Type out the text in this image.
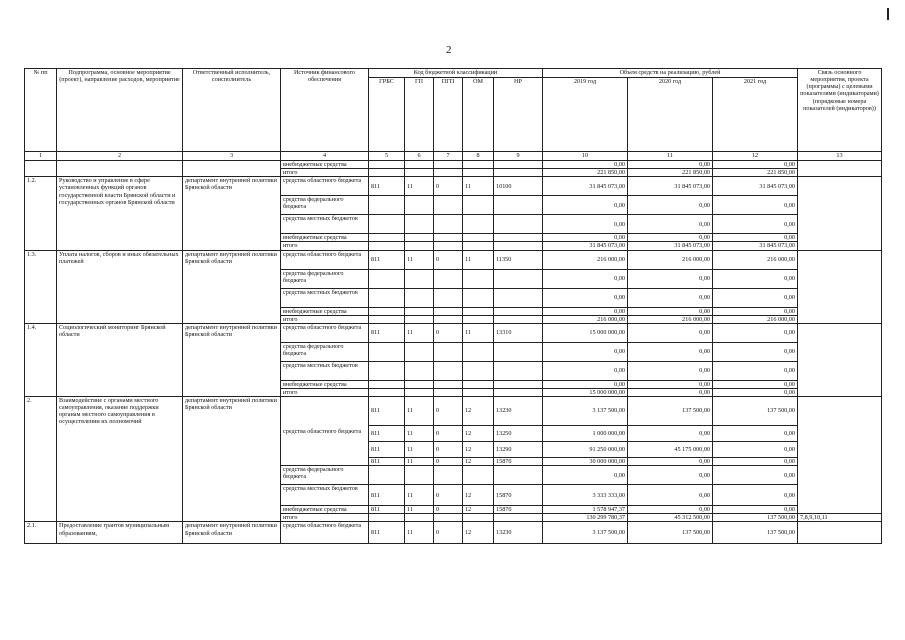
2
№ пп	Подпрограмма, основное мероприятие (проект), направление расходов, мероприятие	Ответственный исполнитель, соисполнитель	Источник финансового обеспечения	Код бюджетной классификации					Объем средств на реализацию, рублей			Связь основного мероприятия, проекта (программы) с целевыми показателями (индикаторами) (порядковые номера показателей (индикаторов))
				ГРБС	ГП	ПГП	ОМ	НР	2019 год	2020 год	2021 год	
1	2	3	4	5	6	7	8	9	10	11	12	13
			внебюджетные средства						0,00	0,00	0,00	
			итого						221 850,00	221 850,00	221 850,00	
1.2.	Руководство и управление в сфере установленных функций органов государственной власти Брянской области и государственных органов Брянской области	департамент внутренней политики Брянской области	средства областного бюджета	811	11	0	11	10100	31 845 073,00	31 845 073,00	31 845 073,00	
			средства федерального бюджета						0,00	0,00	0,00	
			средства местных бюджетов						0,00	0,00	0,00	
			внебюджетные средства						0,00	0,00	0,00	
			итого						31 845 073,00	31 845 073,00	31 845 073,00	
1.3.	Уплата налогов, сборов и иных обязательных платежей	департамент внутренней политики Брянской области	средства областного бюджета	811	11	0	11	11350	216 000,00	216 000,00	216 000,00	
			средства федерального бюджета						0,00	0,00	0,00	
			средства местных бюджетов						0,00	0,00	0,00	
			внебюджетные средства						0,00	0,00	0,00	
			итого						216 000,00	216 000,00	216 000,00	
1.4.	Социологический мониторинг Брянской области	департамент внутренней политики Брянской области	средства областного бюджета	811	11	0	11	13310	15 000 000,00	0,00	0,00	
			средства федерального бюджета						0,00	0,00	0,00	
			средства местных бюджетов						0,00	0,00	0,00	
			внебюджетные средства						0,00	0,00	0,00	
			итого						15 000 000,00	0,00	0,00	
2.	Взаимодействие с органами местного самоуправления, оказание поддержки органам местного самоуправления в осуществлении их полномочий	департамент внутренней политики Брянской области	средства областного бюджета	811	11	0	12	13230	3 137 500,00	137 500,00	137 500,00	
				811	11	0	12	13250	1 000 000,00	0,00	0,00	
				811	11	0	12	13290	91 250 000,00	45 175 000,00	0,00	
				811	11	0	12	15870	30 000 000,00	0,00	0,00	
			средства федерального бюджета						0,00	0,00	0,00	
			средства местных бюджетов	811	11	0	12	15870	3 333 333,00	0,00	0,00	
			внебюджетные средства	811	11	0	12	15870	1 578 947,37	0,00	0,00	
			итого						130 299 780,37	45 312 500,00	137 500,00	7,8,9,10,11
2.1.	Предоставление грантов муниципальным образованиям,	департамент внутренней политики Брянской области	средства областного бюджета	811	11	0	12	13230	3 137 500,00	137 500,00	137 500,00	
